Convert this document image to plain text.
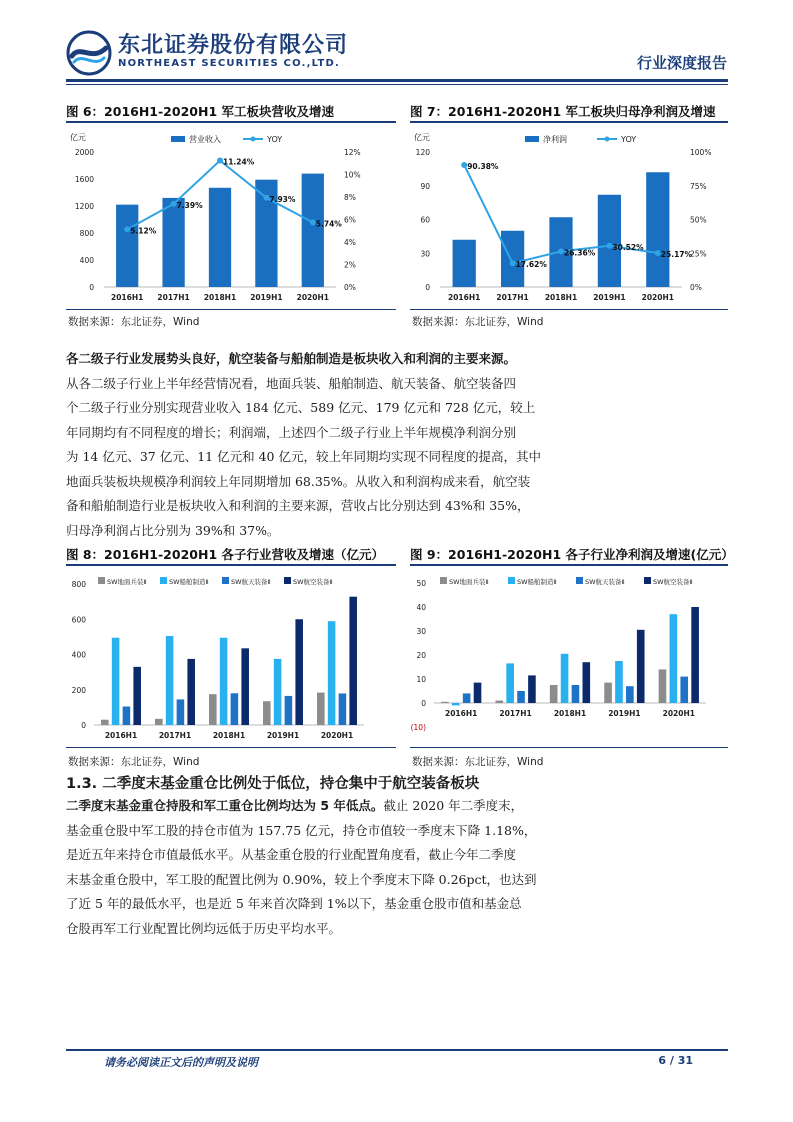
东北证券股份有限公司
NORTHEAST SECURITIES CO.,LTD.	行业深度报告
图 6：2016H1-2020H1 军工板块营收及增速	图 7：2016H1-2020H1 军工板块归母净利润及增速
亿元
0
400
800
1200
1600
2000
0%
2%
4%
6%
8%
10%
12%
2016H1 2017H1 2018H1 2019H1 2020H1
5.12%
7.39%
11.24%
7.93%
5.74%
营业收入	YOY	亿元
0
30
60
90
120
0%
25%
50%
75%
100%
2016H1 2017H1 2018H1 2019H1 2020H1
90.38%
17.62%
26.36%
30.52%
25.17%
净利润	YOY
数据来源：东北证券，Wind	数据来源：东北证券，Wind
各二级子行业发展势头良好，航空装备与船舶制造是板块收入和利润的主要来源。
从各二级子行业上半年经营情况看，地面兵装、船舶制造、航天装备、航空装备四
个二级子行业分别实现营业收入 184 亿元、589 亿元、179 亿元和 728 亿元，较上
年同期均有不同程度的增长；利润端，上述四个二级子行业上半年规模净利润分别
为 14 亿元、37 亿元、11 亿元和 40 亿元，较上年同期均实现不同程度的提高，其中
地面兵装板块规模净利润较上年同期增加 68.35%。从收入和利润构成来看，航空装
备和船舶制造行业是板块收入和利润的主要来源，营收占比分别达到 43%和 35%，
归母净利润占比分别为 39%和 37%。
图 8：2016H1-2020H1 各子行业营收及增速（亿元） 图 9：2016H1-2020H1 各子行业净利润及增速(亿元）
0
200
400
600
800
2016H1	2017H1	2018H1	2019H1	2020H1
SW地面兵装Ⅱ	SW船舶制造Ⅱ	SW航天装备Ⅱ	SW航空装备Ⅱ
(10)
0
10
20
30
40
50
2016H1	2017H1	2018H1	2019H1	2020H1
SW地面兵装Ⅱ	SW船舶制造Ⅱ	SW航天装备Ⅱ	SW航空装备Ⅱ
数据来源：东北证券，Wind	数据来源：东北证券，Wind
1.3. 二季度末基金重仓比例处于低位，持仓集中于航空装备板块
二季度末基金重仓持股和军工重仓比例均达为 5 年低点。截止 2020 年二季度末，
基金重仓股中军工股的持仓市值为 157.75 亿元，持仓市值较一季度末下降 1.18%，
是近五年来持仓市值最低水平。从基金重仓股的行业配置角度看，截止今年二季度
末基金重仓股中，军工股的配置比例为 0.90%，较上个季度末下降 0.26pct，也达到
了近 5 年的最低水平，也是近 5 年来首次降到 1%以下，基金重仓股市值和基金总
仓股再军工行业配置比例均远低于历史平均水平。
请务必阅读正文后的声明及说明	6 / 31
